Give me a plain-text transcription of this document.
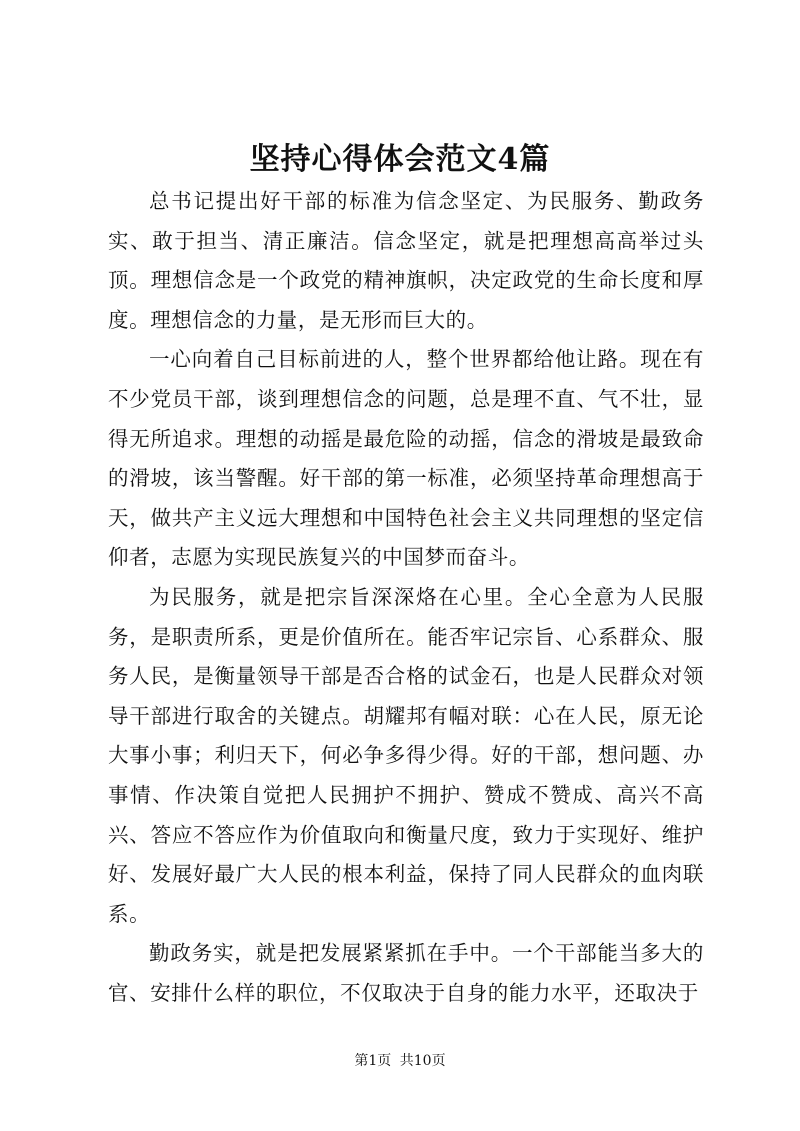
坚持心得体会范文4篇

总书记提出好干部的标准为信念坚定、为民服务、勤政务实、敢于担当、清正廉洁。信念坚定，就是把理想高高举过头顶。理想信念是一个政党的精神旗帜，决定政党的生命长度和厚度。理想信念的力量，是无形而巨大的。

一心向着自己目标前进的人，整个世界都给他让路。现在有不少党员干部，谈到理想信念的问题，总是理不直、气不壮，显得无所追求。理想的动摇是最危险的动摇，信念的滑坡是最致命的滑坡，该当警醒。好干部的第一标准，必须坚持革命理想高于天，做共产主义远大理想和中国特色社会主义共同理想的坚定信仰者，志愿为实现民族复兴的中国梦而奋斗。

为民服务，就是把宗旨深深烙在心里。全心全意为人民服务，是职责所系，更是价值所在。能否牢记宗旨、心系群众、服务人民，是衡量领导干部是否合格的试金石，也是人民群众对领导干部进行取舍的关键点。胡耀邦有幅对联：心在人民，原无论大事小事；利归天下，何必争多得少得。好的干部，想问题、办事情、作决策自觉把人民拥护不拥护、赞成不赞成、高兴不高兴、答应不答应作为价值取向和衡量尺度，致力于实现好、维护好、发展好最广大人民的根本利益，保持了同人民群众的血肉联系。

勤政务实，就是把发展紧紧抓在手中。一个干部能当多大的官、安排什么样的职位，不仅取决于自身的能力水平，还取决于

第1页 共10页
